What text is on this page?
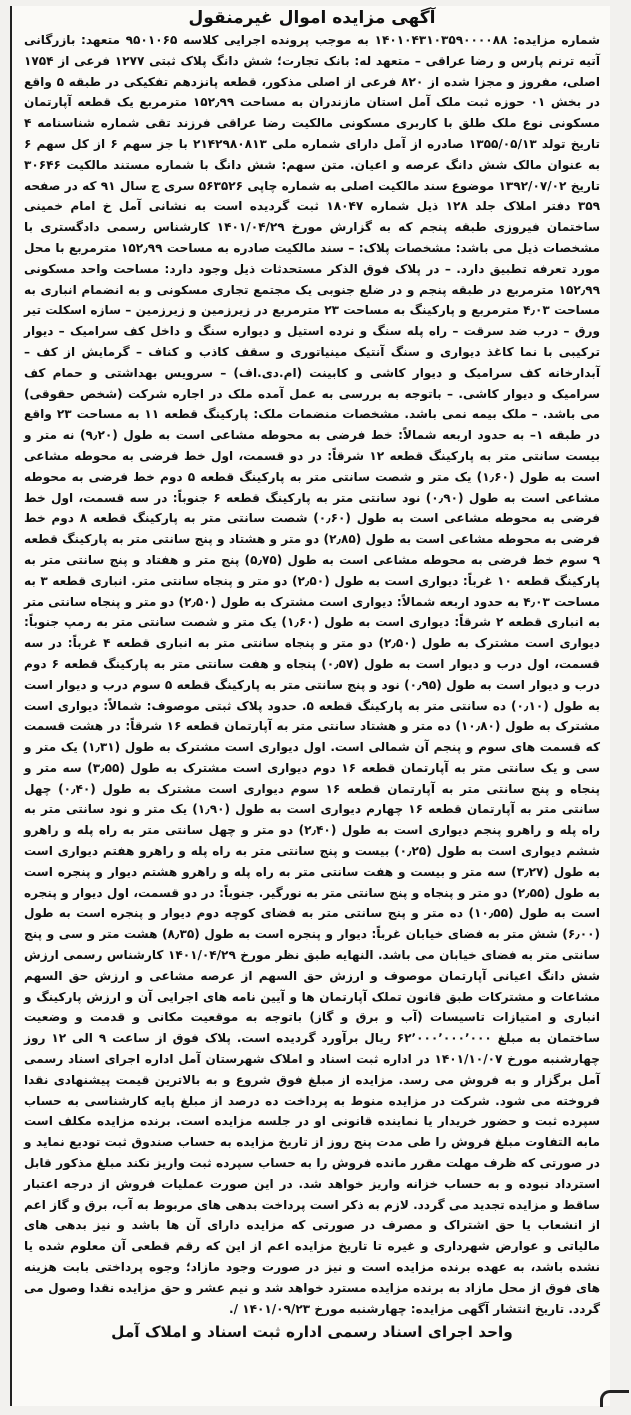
آگهی مزایده اموال غیرمنقول

شماره مزایده: ۱۴۰۱۰۴۳۱۰۳۵۹۰۰۰۰۸۸ به موجب پرونده اجرایی کلاسه ۹۵۰۱۰۶۵ متعهد: بازرگانی آتیه ترنم پارس و رضا عراقی – متعهد له: بانک تجارت؛ شش دانگ پلاک ثبتی ۱۲۷۷ فرعی از ۱۷۵۴ اصلی، مفروز و مجزا شده از ۸۲۰ فرعی از اصلی مذکور، قطعه پانزدهم تفکیکی در طبقه ۵ واقع در بخش ۰۱ حوزه ثبت ملک آمل استان مازندران به مساحت ۱۵۲٫۹۹ مترمربع یک قطعه آپارتمان مسکونی نوع ملک طلق با کاربری مسکونی مالکیت رضا عراقی فرزند تقی شماره شناسنامه ۴ تاریخ تولد ۱۳۵۵/۰۵/۱۳ صادره از آمل دارای شماره ملی ۲۱۴۲۹۸۰۸۱۳ با جز سهم ۶ از کل سهم ۶ به عنوان مالک شش دانگ عرصه و اعیان. متن سهم: شش دانگ با شماره مستند مالکیت ۳۰۶۴۶ تاریخ ۱۳۹۲/۰۷/۰۲ موضوع سند مالکیت اصلی به شماره چاپی ۵۶۳۵۲۶ سری ج سال ۹۱ که در صفحه ۳۵۹ دفتر املاک جلد ۱۲۸ ذیل شماره ۱۸۰۴۷ ثبت گردیده است به نشانی آمل خ امام خمینی ساختمان فیروزی طبقه پنجم که به گزارش مورخ ۱۴۰۱/۰۴/۲۹ کارشناس رسمی دادگستری با مشخصات ذیل می باشد: مشخصات پلاک: – سند مالکیت صادره به مساحت ۱۵۲٫۹۹ مترمربع با محل مورد تعرفه تطبیق دارد. – در پلاک فوق الذکر مستحدثات ذیل وجود دارد: مساحت واحد مسکونی ۱۵۲٫۹۹ مترمربع در طبقه پنجم و در ضلع جنوبی یک مجتمع تجاری مسکونی و به انضمام انباری به مساحت ۴٫۰۳ مترمربع و پارکینگ به مساحت ۲۳ مترمربع در زیرزمین و زیرزمین – سازه اسکلت تیر ورق – درب ضد سرقت – راه پله سنگ و نرده استیل و دیواره سنگ و داخل کف سرامیک – دیوار ترکیبی با نما کاغذ دیواری و سنگ آنتیک مینیاتوری و سقف کاذب و کناف – گرمایش از کف – آبدارخانه کف سرامیک و دیوار کاشی و کابینت (ام.دی.اف) – سرویس بهداشتی و حمام کف سرامیک و دیوار کاشی. – باتوجه به بررسی به عمل آمده ملک در اجاره شرکت (شخص حقوقی) می باشد. – ملک بیمه نمی باشد. مشخصات منضمات ملک: پارکینگ قطعه ۱۱ به مساحت ۲۳ واقع در طبقه ۱– به حدود اربعه شمالاً: خط فرضی به محوطه مشاعی است به طول (۹٫۲۰) نه متر و بیست سانتی متر به پارکینگ قطعه ۱۲ شرقاً: در دو قسمت، اول خط فرضی به محوطه مشاعی است به طول (۱٫۶۰) یک متر و شصت سانتی متر به پارکینگ قطعه ۵ دوم خط فرضی به محوطه مشاعی است به طول (۰٫۹۰) نود سانتی متر به پارکینگ قطعه ۶ جنوباً: در سه قسمت، اول خط فرضی به محوطه مشاعی است به طول (۰٫۶۰) شصت سانتی متر به پارکینگ قطعه ۸ دوم خط فرضی به محوطه مشاعی است به طول (۲٫۸۵) دو متر و هشتاد و پنج سانتی متر به پارکینگ قطعه ۹ سوم خط فرضی به محوطه مشاعی است به طول (۵٫۷۵) پنج متر و هفتاد و پنج سانتی متر به پارکینگ قطعه ۱۰ غرباً: دیواری است به طول (۲٫۵۰) دو متر و پنجاه سانتی متر. انباری قطعه ۳ به مساحت ۴٫۰۳ به حدود اربعه شمالاً: دیواری است مشترک به طول (۲٫۵۰) دو متر و پنجاه سانتی متر به انباری قطعه ۲ شرقاً: دیواری است به طول (۱٫۶۰) یک متر و شصت سانتی متر به رمپ جنوباً: دیواری است مشترک به طول (۲٫۵۰) دو متر و پنجاه سانتی متر به انباری قطعه ۴ غرباً: در سه قسمت، اول درب و دیوار است به طول (۰٫۵۷) پنجاه و هفت سانتی متر به پارکینگ قطعه ۶ دوم درب و دیوار است به طول (۰٫۹۵) نود و پنج سانتی متر به پارکینگ قطعه ۵ سوم درب و دیوار است به طول (۰٫۱۰) ده سانتی متر به پارکینگ قطعه ۵. حدود پلاک ثبتی موصوف: شمالاً: دیواری است مشترک به طول (۱۰٫۸۰) ده متر و هشتاد سانتی متر به آپارتمان قطعه ۱۶ شرقاً: در هشت قسمت که قسمت های سوم و پنجم آن شمالی است. اول دیواری است مشترک به طول (۱٫۳۱) یک متر و سی و یک سانتی متر به آپارتمان قطعه ۱۶ دوم دیواری است مشترک به طول (۳٫۵۵) سه متر و پنجاه و پنج سانتی متر به آپارتمان قطعه ۱۶ سوم دیواری است مشترک به طول (۰٫۴۰) چهل سانتی متر به آپارتمان قطعه ۱۶ چهارم دیواری است به طول (۱٫۹۰) یک متر و نود سانتی متر به راه پله و راهرو پنجم دیواری است به طول (۲٫۴۰) دو متر و چهل سانتی متر به راه پله و راهرو ششم دیواری است به طول (۰٫۲۵) بیست و پنج سانتی متر به راه پله و راهرو هفتم دیواری است به طول (۳٫۲۷) سه متر و بیست و هفت سانتی متر به راه پله و راهرو هشتم دیوار و پنجره است به طول (۲٫۵۵) دو متر و پنجاه و پنج سانتی متر به نورگیر. جنوباً: در دو قسمت، اول دیوار و پنجره است به طول (۱۰٫۵۵) ده متر و پنج سانتی متر به فضای کوچه دوم دیوار و پنجره است به طول (۶٫۰۰) شش متر به فضای خیابان غرباً: دیوار و پنجره است به طول (۸٫۳۵) هشت متر و سی و پنج سانتی متر به فضای خیابان می باشد. النهایه طبق نظر مورخ ۱۴۰۱/۰۴/۲۹ کارشناس رسمی ارزش شش دانگ اعیانی آپارتمان موصوف و ارزش حق السهم از عرصه مشاعی و ارزش حق السهم مشاعات و مشترکات طبق قانون تملک آپارتمان ها و آیین نامه های اجرایی آن و ارزش پارکینگ و انباری و امتیازات تاسیسات (آب و برق و گاز) باتوجه به موقعیت مکانی و قدمت و وضعیت ساختمان به مبلغ ۶۲٬۰۰۰٬۰۰۰٬۰۰۰ ریال برآورد گردیده است. پلاک فوق از ساعت ۹ الی ۱۲ روز چهارشنبه مورخ ۱۴۰۱/۱۰/۰۷ در اداره ثبت اسناد و املاک شهرستان آمل اداره اجرای اسناد رسمی آمل برگزار و به فروش می رسد. مزایده از مبلغ فوق شروع و به بالاترین قیمت پیشنهادی نقدا فروخته می شود. شرکت در مزایده منوط به پرداخت ده درصد از مبلغ پایه کارشناسی به حساب سپرده ثبت و حضور خریدار یا نماینده قانونی او در جلسه مزایده است. برنده مزایده مکلف است مابه التفاوت مبلغ فروش را طی مدت پنج روز از تاریخ مزایده به حساب صندوق ثبت تودیع نماید و در صورتی که ظرف مهلت مقرر مانده فروش را به حساب سپرده ثبت واریز نکند مبلغ مذکور قابل استرداد نبوده و به حساب خزانه واریز خواهد شد. در این صورت عملیات فروش از درجه اعتبار ساقط و مزایده تجدید می گردد. لازم به ذکر است پرداخت بدهی های مربوط به آب، برق و گاز اعم از انشعاب یا حق اشتراک و مصرف در صورتی که مزایده دارای آن ها باشد و نیز بدهی های مالیاتی و عوارض شهرداری و غیره تا تاریخ مزایده اعم از این که رقم قطعی آن معلوم شده یا نشده باشد، به عهده برنده مزایده است و نیز در صورت وجود مازاد؛ وجوه پرداختی بابت هزینه های فوق از محل مازاد به برنده مزایده مسترد خواهد شد و نیم عشر و حق مزایده نقدا وصول می گردد. تاریخ انتشار آگهی مزایده: چهارشنبه مورخ ۱۴۰۱/۰۹/۲۳ /.

واحد اجرای اسناد رسمی اداره ثبت اسناد و املاک آمل
